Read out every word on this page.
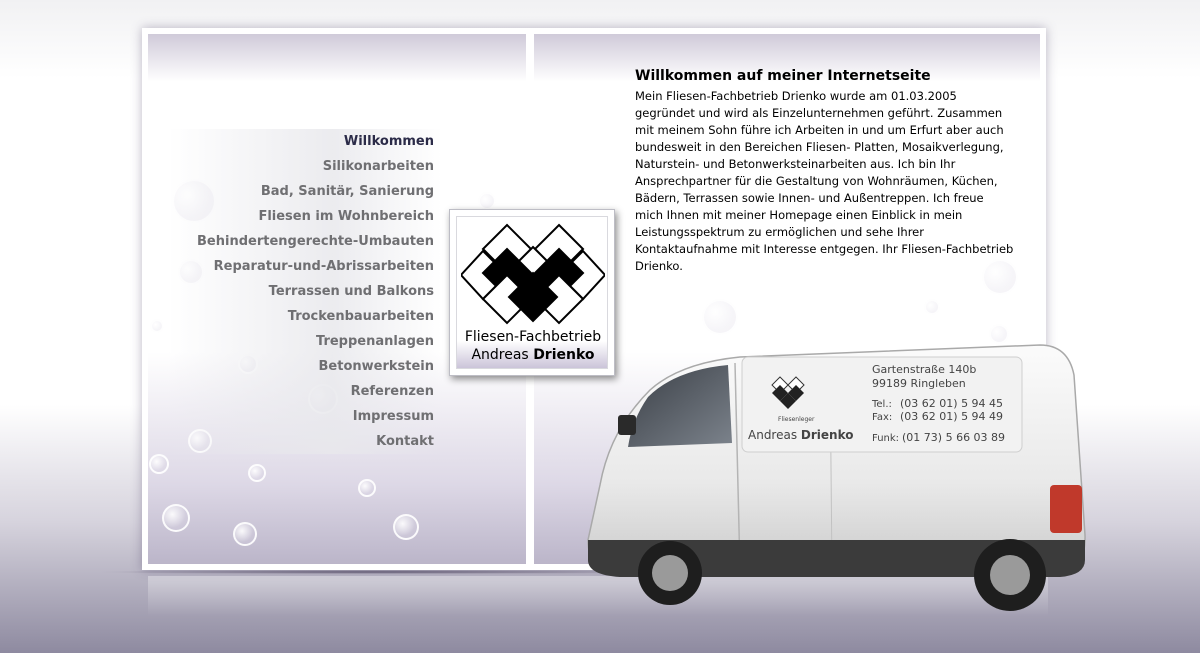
Willkommen
Silikonarbeiten
Bad, Sanitär, Sanierung
Fliesen im Wohnbereich
Behindertengerechte-Umbauten
Reparatur-und-Abrissarbeiten
Terrassen und Balkons
Trockenbauarbeiten
Treppenanlagen
Betonwerkstein
Referenzen
Impressum
Kontakt
Fliesen-Fachbetrieb
Andreas Drienko
Willkommen auf meiner Internetseite

Mein Fliesen-Fachbetrieb Drienko wurde am 01.03.2005 gegründet und wird als Einzelunternehmen geführt. Zusammen mit meinem Sohn führe ich Arbeiten in und um Erfurt aber auch bundesweit in den Bereichen Fliesen- Platten, Mosaikverlegung, Naturstein- und Betonwerksteinarbeiten aus. Ich bin Ihr Ansprechpartner für die Gestaltung von Wohnräumen, Küchen, Bädern, Terrassen sowie Innen- und Außentreppen. Ich freue mich Ihnen mit meiner Homepage einen Einblick in mein Leistungsspektrum zu ermöglichen und sehe Ihrer Kontaktaufnahme mit Interesse entgegen. Ihr Fliesen-Fachbetrieb Drienko.

Fliesenleger
Andreas Drienko
Gartenstraße 140b
99189 Ringleben
Tel.: (03 62 01) 5 94 45
Fax: (03 62 01) 5 94 49
Funk: (01 73) 5 66 03 89
